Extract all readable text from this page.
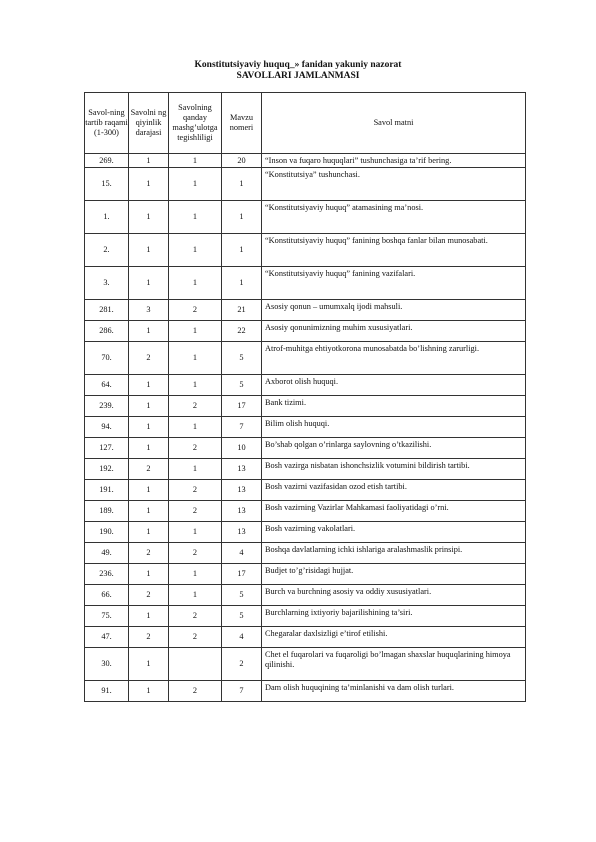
Konstitutsiyaviy huquq_» fanidan yakuniy nazorat
SAVOLLARI JAMLANMASI
Savol-ning tartib raqami (1-300)	Savolni ng qiyinlik darajasi	Savolning qanday mashg’ulotga tegishliligi	Mavzu nomeri	Savol matni
269.	1	1	20	“Inson va fuqaro huquqlari” tushunchasiga ta’rif bering.
15.	1	1	1	“Konstitutsiya” tushunchasi.
1.	1	1	1	“Konstitutsiyaviy huquq” atamasining ma’nosi.
2.	1	1	1	“Konstitutsiyaviy huquq” fanining boshqa fanlar bilan munosabati.
3.	1	1	1	“Konstitutsiyaviy huquq” fanining vazifalari.
281.	3	2	21	Asosiy qonun – umumxalq ijodi mahsuli.
286.	1	1	22	Asosiy qonunimizning muhim xususiyatlari.
70.	2	1	5	Atrof-muhitga ehtiyotkorona munosabatda bo’lishning zarurligi.
64.	1	1	5	Axborot olish huquqi.
239.	1	2	17	Bank tizimi.
94.	1	1	7	Bilim olish huquqi.
127.	1	2	10	Bo’shab qolgan o’rinlarga saylovning o’tkazilishi.
192.	2	1	13	Bosh vazirga nisbatan ishonchsizlik votumini bildirish tartibi.
191.	1	2	13	Bosh vazirni vazifasidan ozod etish tartibi.
189.	1	2	13	Bosh vazirning Vazirlar Mahkamasi faoliyatidagi o’rni.
190.	1	1	13	Bosh vazirning vakolatlari.
49.	2	2	4	Boshqa davlatlarning ichki ishlariga aralashmaslik prinsipi.
236.	1	1	17	Budjet to’g’risidagi hujjat.
66.	2	1	5	Burch va burchning asosiy va oddiy xususiyatlari.
75.	1	2	5	Burchlarning ixtiyoriy bajarilishining ta’siri.
47.	2	2	4	Chegaralar daxlsizligi e’tirof etilishi.
30.	1		2	Chet el fuqarolari va fuqaroligi bo’lmagan shaxslar huquqlarining himoya qilinishi.
91.	1	2	7	Dam olish huquqining ta’minlanishi va dam olish turlari.
